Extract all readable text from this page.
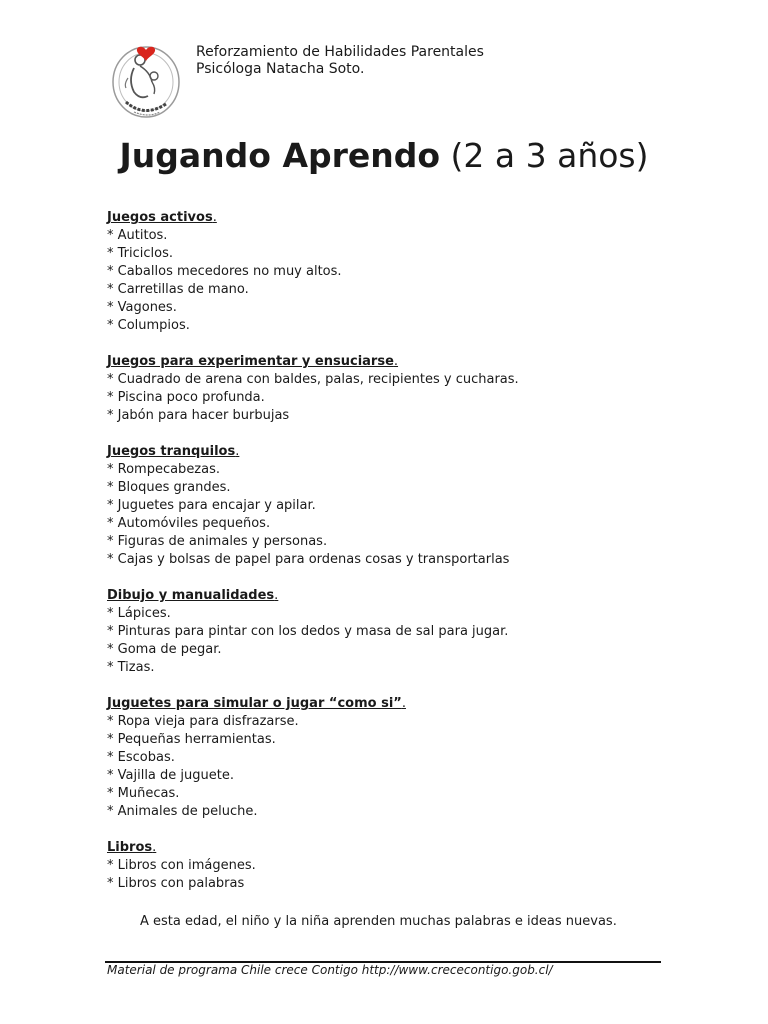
Reforzamiento de Habilidades Parentales
Psicóloga Natacha Soto.
Jugando Aprendo (2 a 3 años)
Juegos activos.
* Autitos.
* Triciclos.
* Caballos mecedores no muy altos.
* Carretillas de mano.
* Vagones.
* Columpios.
Juegos para experimentar y ensuciarse.
* Cuadrado de arena con baldes, palas, recipientes y cucharas.
* Piscina poco profunda.
* Jabón para hacer burbujas
Juegos tranquilos.
* Rompecabezas.
* Bloques grandes.
* Juguetes para encajar y apilar.
* Automóviles pequeños.
* Figuras de animales y personas.
* Cajas y bolsas de papel para ordenas cosas y transportarlas
Dibujo y manualidades.
* Lápices.
* Pinturas para pintar con los dedos y masa de sal para jugar.
* Goma de pegar.
* Tizas.
Juguetes para simular o jugar “como si”.
* Ropa vieja para disfrazarse.
* Pequeñas herramientas.
* Escobas.
* Vajilla de juguete.
* Muñecas.
* Animales de peluche.
Libros.
* Libros con imágenes.
* Libros con palabras
A esta edad, el niño y la niña aprenden muchas palabras e ideas nuevas.
Material de programa Chile crece Contigo http://www.crececontigo.gob.cl/
